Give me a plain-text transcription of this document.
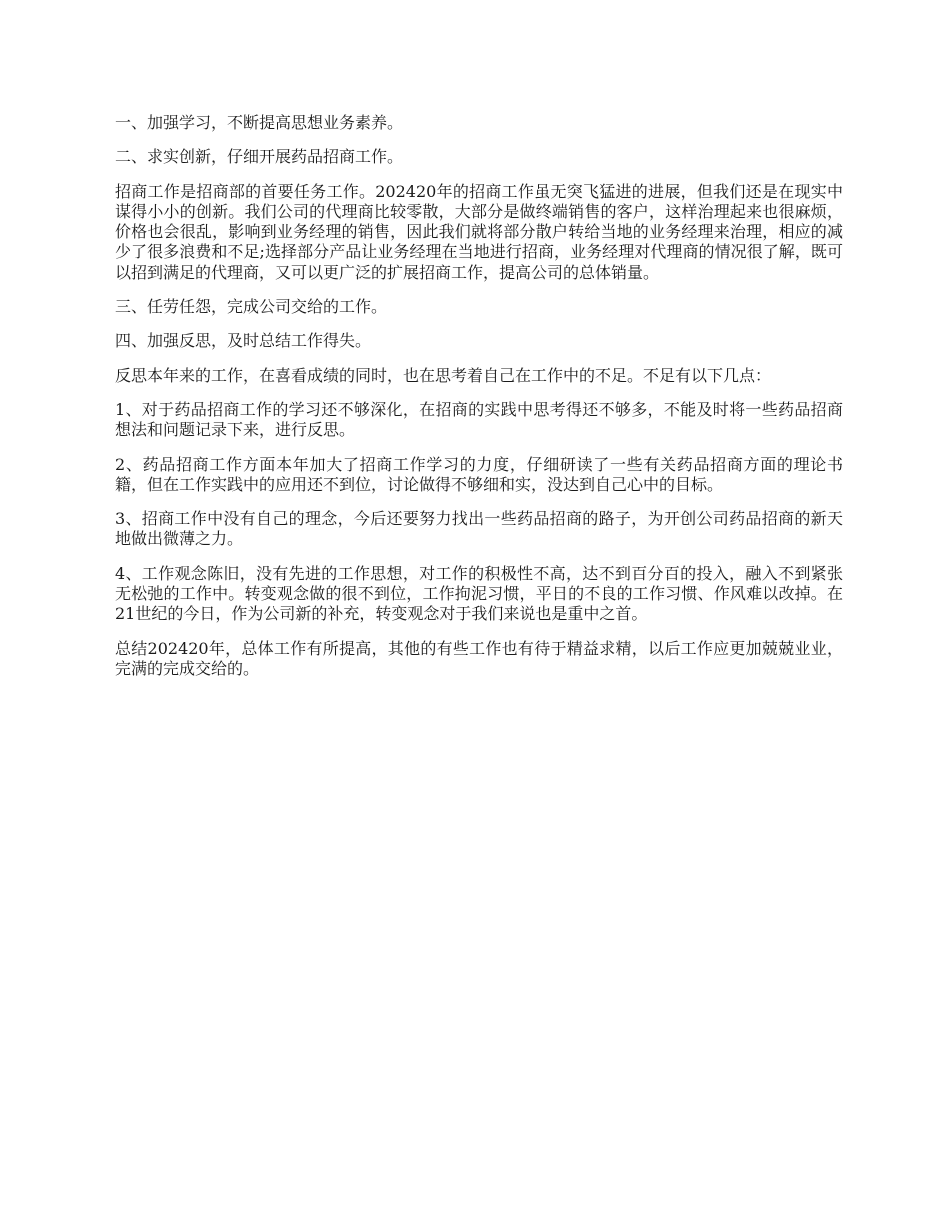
一、加强学习，不断提高思想业务素养。

二、求实创新，仔细开展药品招商工作。

招商工作是招商部的首要任务工作。202420年的招商工作虽无突飞猛进的进展，但我们还是在现实中谋得小小的创新。我们公司的代理商比较零散，大部分是做终端销售的客户，这样治理起来也很麻烦，价格也会很乱，影响到业务经理的销售，因此我们就将部分散户转给当地的业务经理来治理，相应的减少了很多浪费和不足;选择部分产品让业务经理在当地进行招商，业务经理对代理商的情况很了解，既可以招到满足的代理商，又可以更广泛的扩展招商工作，提高公司的总体销量。

三、任劳任怨，完成公司交给的工作。

四、加强反思，及时总结工作得失。

反思本年来的工作，在喜看成绩的同时，也在思考着自己在工作中的不足。不足有以下几点：

1、对于药品招商工作的学习还不够深化，在招商的实践中思考得还不够多，不能及时将一些药品招商想法和问题记录下来，进行反思。

2、药品招商工作方面本年加大了招商工作学习的力度，仔细研读了一些有关药品招商方面的理论书籍，但在工作实践中的应用还不到位，讨论做得不够细和实，没达到自己心中的目标。

3、招商工作中没有自己的理念，今后还要努力找出一些药品招商的路子，为开创公司药品招商的新天地做出微薄之力。

4、工作观念陈旧，没有先进的工作思想，对工作的积极性不高，达不到百分百的投入，融入不到紧张无松弛的工作中。转变观念做的很不到位，工作拘泥习惯，平日的不良的工作习惯、作风难以改掉。在21世纪的今日，作为公司新的补充，转变观念对于我们来说也是重中之首。

总结202420年，总体工作有所提高，其他的有些工作也有待于精益求精，以后工作应更加兢兢业业，完满的完成交给的。
